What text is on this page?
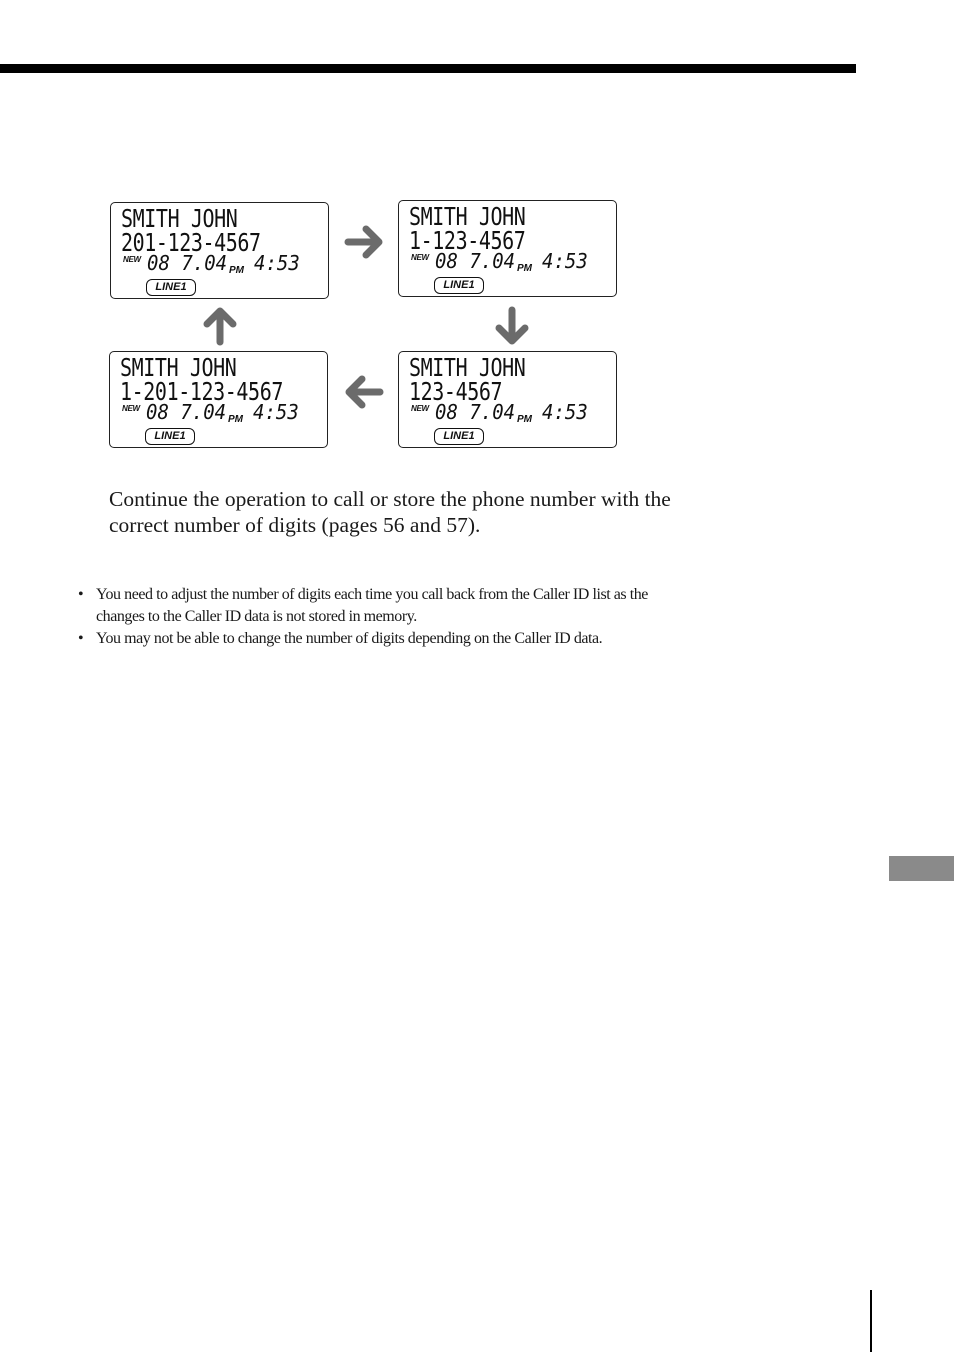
SMITH JOHN
201-123-4567
NEW 08 7.04 PM 4:53
LINE1
SMITH JOHN
1-123-4567
NEW 08 7.04 PM 4:53
LINE1
SMITH JOHN
1-201-123-4567
NEW 08 7.04 PM 4:53
LINE1
SMITH JOHN
123-4567
NEW 08 7.04 PM 4:53
LINE1
Continue the operation to call or store the phone number with the correct number of digits (pages 56 and 57).
• You need to adjust the number of digits each time you call back from the Caller ID list as the changes to the Caller ID data is not stored in memory.
• You may not be able to change the number of digits depending on the Caller ID data.
